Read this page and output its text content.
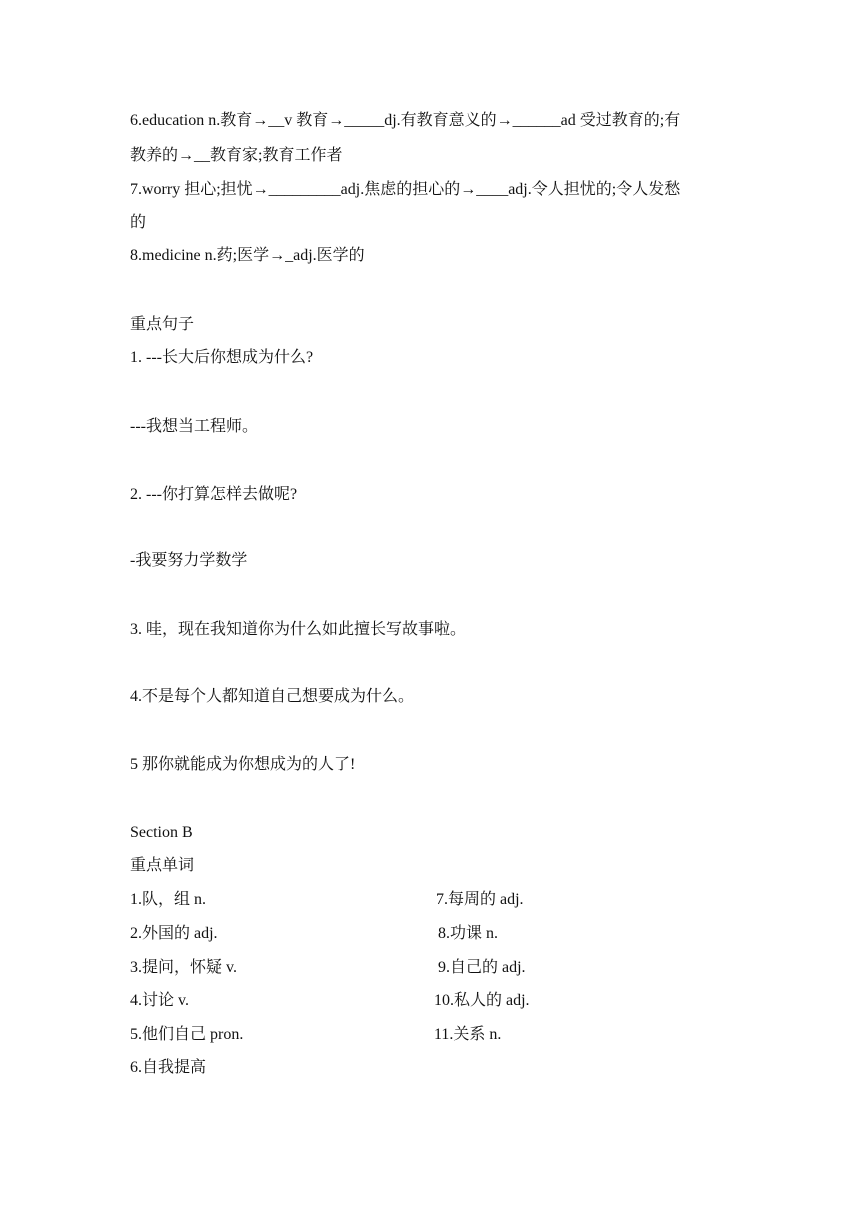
6.education n.教育→__v 教育→_____dj.有教育意义的→______ad 受过教育的;有
教养的→__教育家;教育工作者
7.worry 担心;担忧→_________adj.焦虑的担心的→____adj.令人担忧的;令人发愁
的
8.medicine n.药;医学→_adj.医学的
重点句子
1. ---长大后你想成为什么?
---我想当工程师。
2. ---你打算怎样去做呢?
-我要努力学数学
3. 哇，现在我知道你为什么如此擅长写故事啦。
4.不是每个人都知道自己想要成为什么。
5 那你就能成为你想成为的人了!
Section B
重点单词
1.队，组 n.
2.外国的 adj.
3.提问，怀疑 v.
4.讨论 v.
5.他们自己 pron.
6.自我提高
7.每周的 adj.
8.功课 n.
9.自己的 adj.
10.私人的 adj.
11.关系 n.
